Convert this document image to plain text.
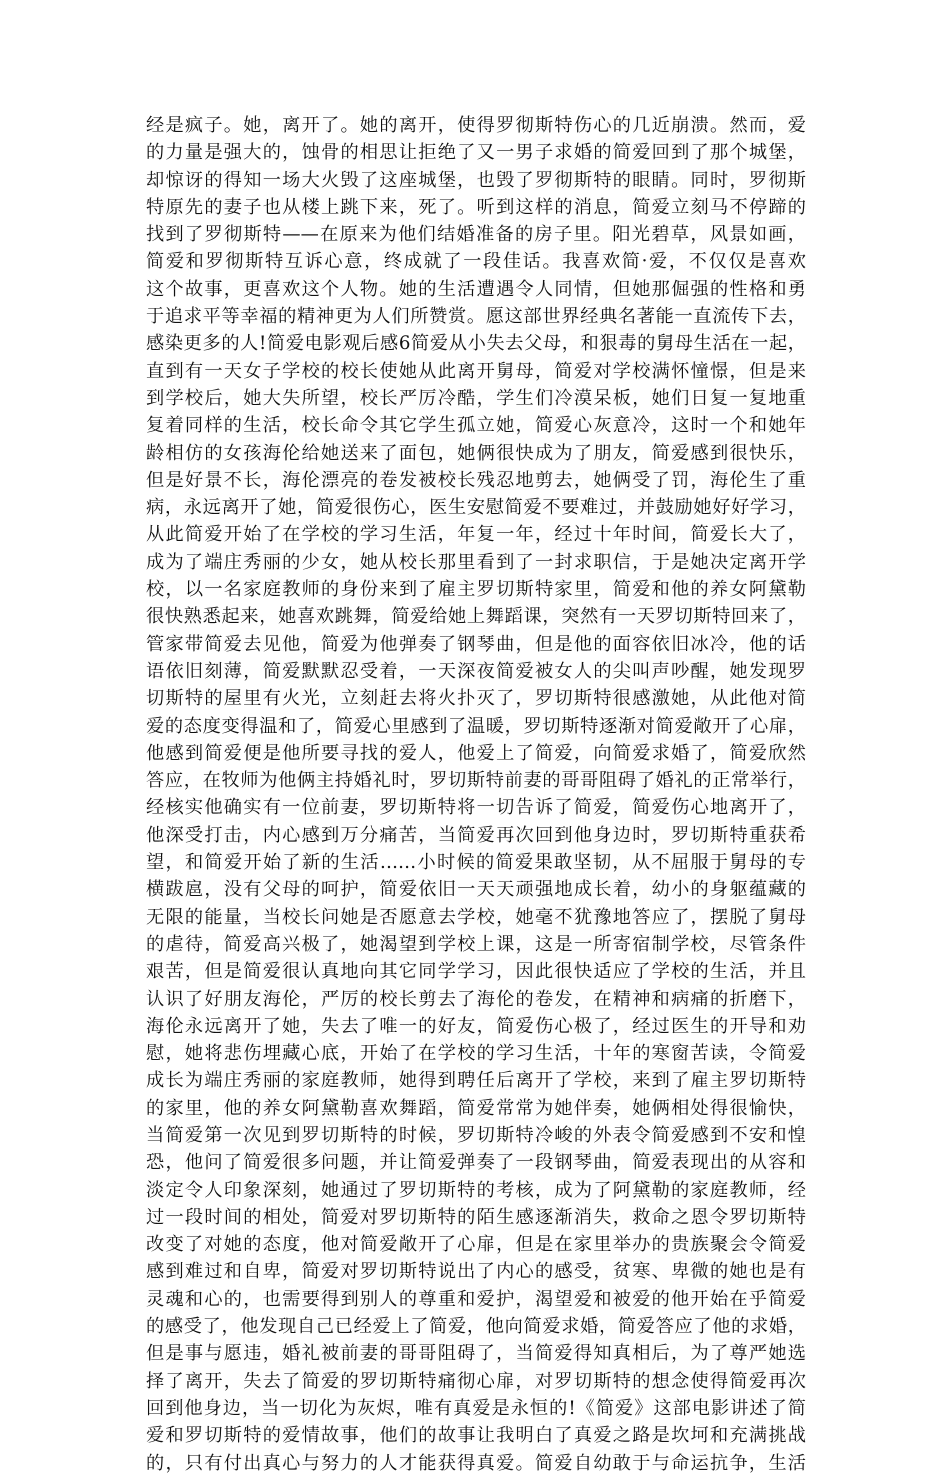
经是疯子。她，离开了。她的离开，使得罗彻斯特伤心的几近崩溃。然而，爱
的力量是强大的，蚀骨的相思让拒绝了又一男子求婚的简爱回到了那个城堡，
却惊讶的得知一场大火毁了这座城堡，也毁了罗彻斯特的眼睛。同时，罗彻斯
特原先的妻子也从楼上跳下来，死了。听到这样的消息，简爱立刻马不停蹄的
找到了罗彻斯特——在原来为他们结婚准备的房子里。阳光碧草，风景如画，
简爱和罗彻斯特互诉心意，终成就了一段佳话。我喜欢简·爱，不仅仅是喜欢
这个故事，更喜欢这个人物。她的生活遭遇令人同情，但她那倔强的性格和勇
于追求平等幸福的精神更为人们所赞赏。愿这部世界经典名著能一直流传下去，
感染更多的人!简爱电影观后感6简爱从小失去父母，和狠毒的舅母生活在一起，
直到有一天女子学校的校长使她从此离开舅母，简爱对学校满怀憧憬，但是来
到学校后，她大失所望，校长严厉冷酷，学生们冷漠呆板，她们日复一复地重
复着同样的生活，校长命令其它学生孤立她，简爱心灰意冷，这时一个和她年
龄相仿的女孩海伦给她送来了面包，她俩很快成为了朋友，简爱感到很快乐，
但是好景不长，海伦漂亮的卷发被校长残忍地剪去，她俩受了罚，海伦生了重
病，永远离开了她，简爱很伤心，医生安慰简爱不要难过，并鼓励她好好学习，
从此简爱开始了在学校的学习生活，年复一年，经过十年时间，简爱长大了，
成为了端庄秀丽的少女，她从校长那里看到了一封求职信，于是她决定离开学
校，以一名家庭教师的身份来到了雇主罗切斯特家里，简爱和他的养女阿黛勒
很快熟悉起来，她喜欢跳舞，简爱给她上舞蹈课，突然有一天罗切斯特回来了，
管家带简爱去见他，简爱为他弹奏了钢琴曲，但是他的面容依旧冰冷，他的话
语依旧刻薄，简爱默默忍受着，一天深夜简爱被女人的尖叫声吵醒，她发现罗
切斯特的屋里有火光，立刻赶去将火扑灭了，罗切斯特很感激她，从此他对简
爱的态度变得温和了，简爱心里感到了温暖，罗切斯特逐渐对简爱敞开了心扉，
他感到简爱便是他所要寻找的爱人，他爱上了简爱，向简爱求婚了，简爱欣然
答应，在牧师为他俩主持婚礼时，罗切斯特前妻的哥哥阻碍了婚礼的正常举行，
经核实他确实有一位前妻，罗切斯特将一切告诉了简爱，简爱伤心地离开了，
他深受打击，内心感到万分痛苦，当简爱再次回到他身边时，罗切斯特重获希
望，和简爱开始了新的生活……小时候的简爱果敢坚韧，从不屈服于舅母的专
横跋扈，没有父母的呵护，简爱依旧一天天顽强地成长着，幼小的身躯蕴藏的
无限的能量，当校长问她是否愿意去学校，她毫不犹豫地答应了，摆脱了舅母
的虐待，简爱高兴极了，她渴望到学校上课，这是一所寄宿制学校，尽管条件
艰苦，但是简爱很认真地向其它同学学习，因此很快适应了学校的生活，并且
认识了好朋友海伦，严厉的校长剪去了海伦的卷发，在精神和病痛的折磨下，
海伦永远离开了她，失去了唯一的好友，简爱伤心极了，经过医生的开导和劝
慰，她将悲伤埋藏心底，开始了在学校的学习生活，十年的寒窗苦读，令简爱
成长为端庄秀丽的家庭教师，她得到聘任后离开了学校，来到了雇主罗切斯特
的家里，他的养女阿黛勒喜欢舞蹈，简爱常常为她伴奏，她俩相处得很愉快，
当简爱第一次见到罗切斯特的时候，罗切斯特冷峻的外表令简爱感到不安和惶
恐，他问了简爱很多问题，并让简爱弹奏了一段钢琴曲，简爱表现出的从容和
淡定令人印象深刻，她通过了罗切斯特的考核，成为了阿黛勒的家庭教师，经
过一段时间的相处，简爱对罗切斯特的陌生感逐渐消失，救命之恩令罗切斯特
改变了对她的态度，他对简爱敞开了心扉，但是在家里举办的贵族聚会令简爱
感到难过和自卑，简爱对罗切斯特说出了内心的感受，贫寒、卑微的她也是有
灵魂和心的，也需要得到别人的尊重和爱护，渴望爱和被爱的他开始在乎简爱
的感受了，他发现自己已经爱上了简爱，他向简爱求婚，简爱答应了他的求婚，
但是事与愿违，婚礼被前妻的哥哥阻碍了，当简爱得知真相后，为了尊严她选
择了离开，失去了简爱的罗切斯特痛彻心扉，对罗切斯特的想念使得简爱再次
回到他身边，当一切化为灰烬，唯有真爱是永恒的!《简爱》这部电影讲述了简
爱和罗切斯特的爱情故事，他们的故事让我明白了真爱之路是坎坷和充满挑战
的，只有付出真心与努力的人才能获得真爱。简爱自幼敢于与命运抗争，生活
